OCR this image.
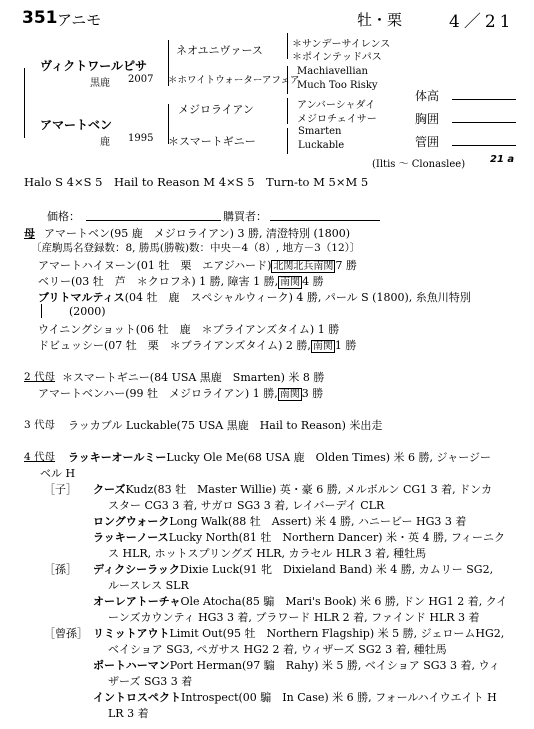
351 アニモ	牡・栗	4／21
ヴィクトワールピサ
黒鹿 2007
ネオユニヴァース	＊サンデーサイレンス
＊ポインテッドパス
＊ホワイトウォーターアフェア
Machiavellian
Much Too Risky
アマートベン
鹿 1995
メジロライアン	アンバーシャダイ
メジロチェイサー
＊スマートギニー
Smarten
Luckable
(Iltis ～ Clonaslee) 21 a
体高
胸囲
管囲
Halo S 4×S 5　Hail to Reason M 4×S 5　Turn-to M 5×M 5
価格：	購買者：
母 アマートベン(95 鹿　メジロライアン) 3 勝, 清澄特別 (1800)
〔産駒馬名登録数：8, 勝馬(勝鞍)数：中央－4（8）, 地方－3（12）〕
アマートハイヌーン(01 牡　栗　エアジハード) 北関北兵南関 7 勝
ベリー(03 牡　芦　＊クロフネ) 1 勝, 障害 1 勝, 南関 4 勝
ブリトマルティス(04 牡　鹿　スペシャルウィーク) 4 勝, パール S (1800), 糸魚川特別
(2000)
ウイニングショット(06 牡　鹿　＊ブライアンズタイム) 1 勝
ドビュッシー(07 牡　栗　＊ブライアンズタイム) 2 勝, 南関 1 勝
2 代母 ＊スマートギニー(84 USA 黒鹿　Smarten) 米 8 勝
アマートベンハー(99 牡　メジロライアン) 1 勝, 南関 3 勝
3 代母 ラッカブル Luckable(75 USA 黒鹿　Hail to Reason) 米出走
4 代母 ラッキーオールミーLucky Ole Me(68 USA 鹿　Olden Times) 米 6 勝, ジャージー
ベル H
［子］ クーズKudz(83 牡　Master Willie) 英・豪 6 勝, メルボルン CG1 3 着, ドンカ
スター CG3 3 着, サガロ SG3 3 着, レイバーデイ CLR
ロングウォークLong Walk(88 牡　Assert) 米 4 勝, ハニービー HG3 3 着
ラッキーノースLucky North(81 牡　Northern Dancer) 米・英 4 勝, フィーニク
ス HLR, ホットスプリングズ HLR, カラセル HLR 3 着, 種牡馬
［孫］ ディクシーラックDixie Luck(91 牝　Dixieland Band) 米 4 勝, カムリー SG2,
ルースレス SLR
オーレアトーチャOle Atocha(85 騸　Mari's Book) 米 6 勝, ドン HG1 2 着, クイ
ーンズカウンティ HG3 3 着, ブラワード HLR 2 着, ファインド HLR 3 着
［曾孫］ リミットアウトLimit Out(95 牡　Northern Flagship) 米 5 勝, ジェロームHG2,
ベイショア SG3, ペガサス HG2 2 着, ウィザーズ SG2 3 着, 種牡馬
ポートハーマンPort Herman(97 騸　Rahy) 米 5 勝, ベイショア SG3 3 着, ウィ
ザーズ SG3 3 着
イントロスペクトIntrospect(00 騸　In Case) 米 6 勝, フォールハイウエイト H
LR 3 着
